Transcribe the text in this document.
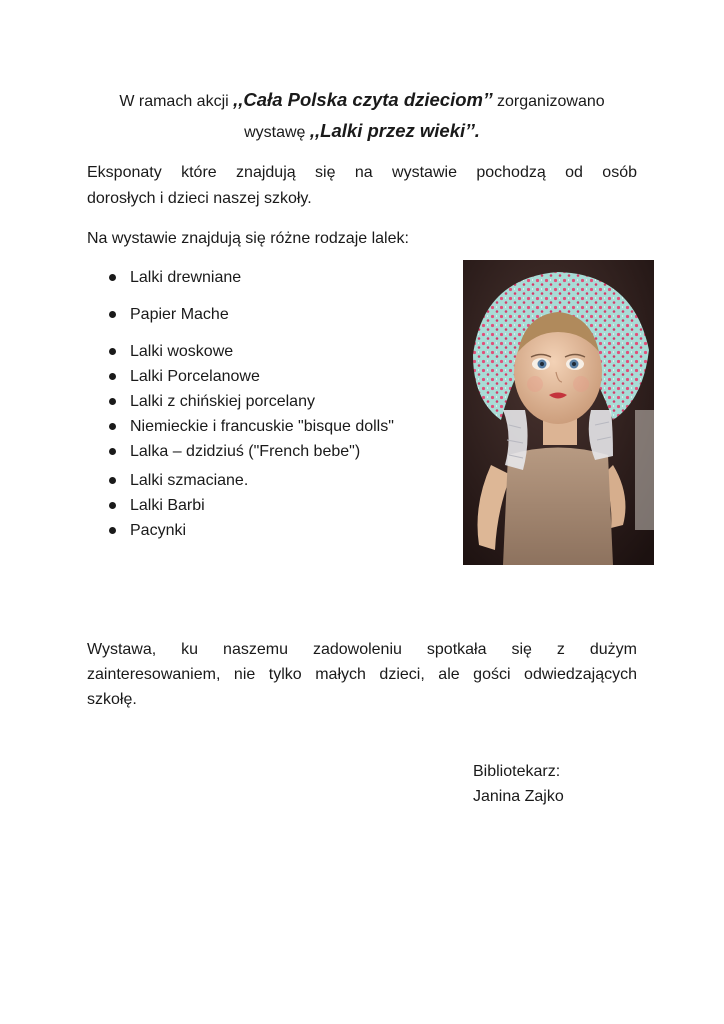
W ramach akcji ,,Cała Polska czyta dzieciom’’ zorganizowano
wystawę ,,Lalki przez wieki’’.
Eksponaty które znajdują się na wystawie pochodzą od osób
dorosłych i dzieci naszej szkoły.
Na wystawie znajdują się różne rodzaje lalek:
Lalki drewniane
Papier Mache
Lalki woskowe
Lalki Porcelanowe
Lalki z chińskiej porcelany
Niemieckie i francuskie "bisque dolls"
Lalka – dzidziuś ("French bebe")
Lalki szmaciane.
Lalki Barbi
Pacynki
Wystawa, ku naszemu zadowoleniu spotkała się z dużym
zainteresowaniem, nie tylko małych dzieci, ale gości odwiedzających
szkołę.
Bibliotekarz:
Janina Zajko
